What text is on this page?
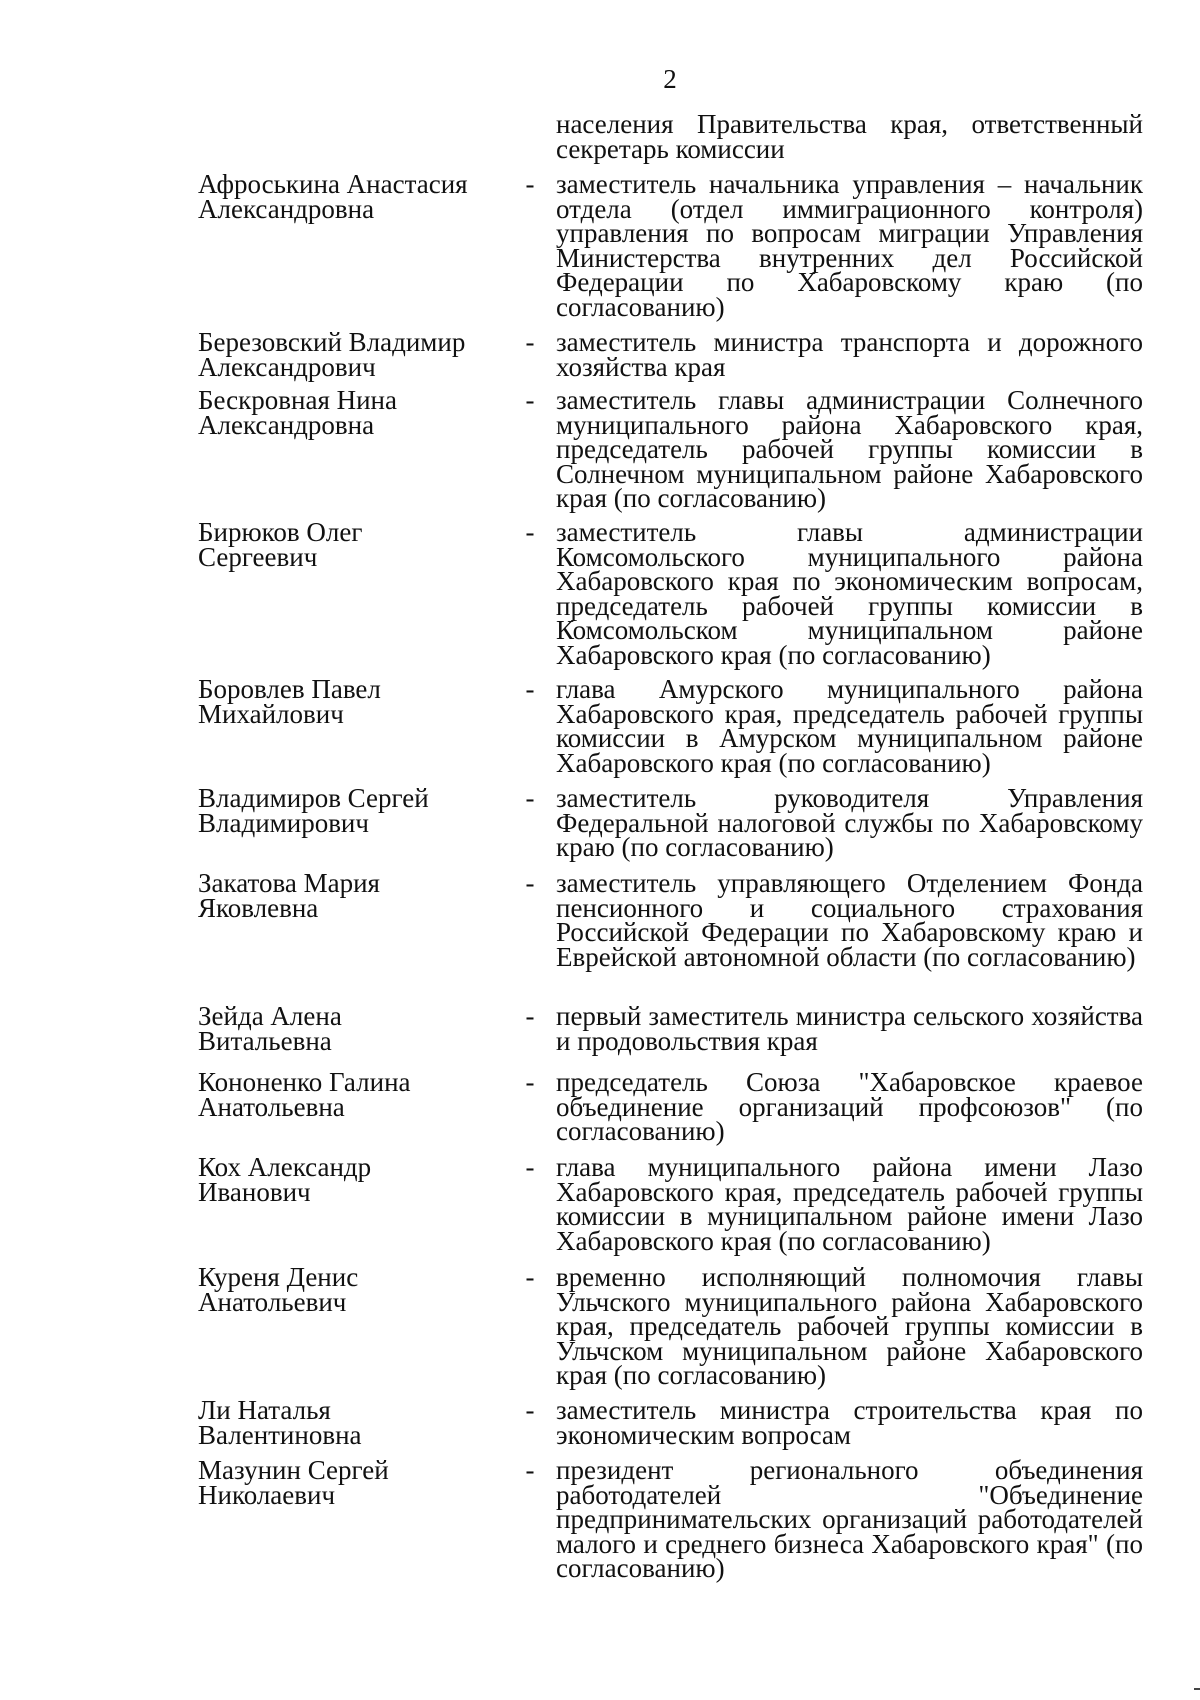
2
населения Правительства края, ответственный секретарь комиссии
Афроськина Анастасия
Александровна
- заместитель начальника управления – начальник отдела (отдел иммиграционного контроля) управления по вопросам миграции Управления Министерства внутренних дел Российской Федерации по Хабаровскому краю (по согласованию)
Березовский Владимир
Александрович
- заместитель министра транспорта и дорожного хозяйства края
Бескровная Нина
Александровна
- заместитель главы администрации Солнечного муниципального района Хабаровского края, председатель рабочей группы комиссии в Солнечном муниципальном районе Хабаровского края (по согласованию)
Бирюков Олег
Сергеевич
- заместитель главы администрации Комсомольского муниципального района Хабаровского края по экономическим вопросам, председатель рабочей группы комиссии в Комсомольском муниципальном районе Хабаровского края (по согласованию)
Боровлев Павел
Михайлович
- глава Амурского муниципального района Хабаровского края, председатель рабочей группы комиссии в Амурском муниципальном районе Хабаровского края (по согласованию)
Владимиров Сергей
Владимирович
- заместитель руководителя Управления Федеральной налоговой службы по Хабаровскому краю (по согласованию)
Закатова Мария
Яковлевна
- заместитель управляющего Отделением Фонда пенсионного и социального страхования Российской Федерации по Хабаровскому краю и Еврейской автономной области (по согласованию)
Зейда Алена
Витальевна
- первый заместитель министра сельского хозяйства и продовольствия края
Кононенко Галина
Анатольевна
- председатель Союза "Хабаровское краевое объединение организаций профсоюзов" (по согласованию)
Кох Александр
Иванович
- глава муниципального района имени Лазо Хабаровского края, председатель рабочей группы комиссии в муниципальном районе имени Лазо Хабаровского края (по согласованию)
Куреня Денис
Анатольевич
- временно исполняющий полномочия главы Ульчского муниципального района Хабаровского края, председатель рабочей группы комиссии в Ульчском муниципальном районе Хабаровского края (по согласованию)
Ли Наталья
Валентиновна
- заместитель министра строительства края по экономическим вопросам
Мазунин Сергей
Николаевич
- президент регионального объединения работодателей "Объединение предпринимательских организаций работодателей малого и среднего бизнеса Хабаровского края" (по согласованию)
